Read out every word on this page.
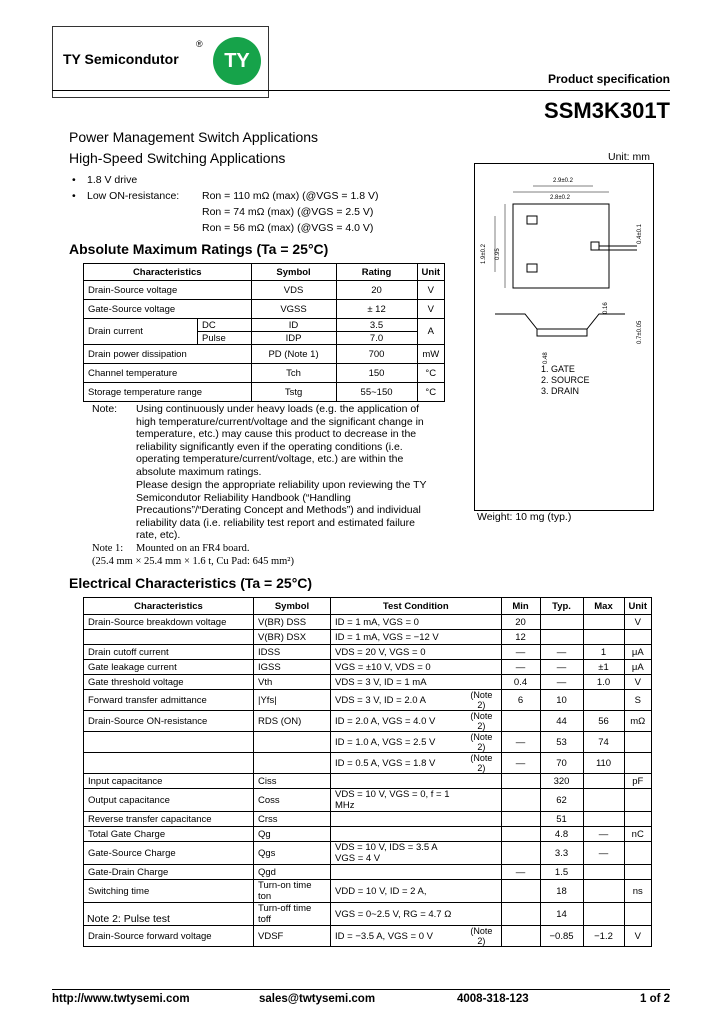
TY Semicondutor
®
TY
Product specification
SSM3K301T
Power Management Switch Applications
High-Speed Switching Applications
• 1.8 V drive
• Low ON-resistance: Ron = 110 mΩ (max) (@VGS = 1.8 V)
Ron = 74 mΩ (max) (@VGS = 2.5 V)
Ron = 56 mΩ (max) (@VGS = 4.0 V)
Absolute Maximum Ratings (Ta = 25°C)
Characteristics		Symbol	Rating	Unit
Drain-Source voltage		VDS	20	V
Gate-Source voltage		VGSS	± 12	V
Drain current	DC	ID	3.5	A
	Pulse	IDP	7.0	
Drain power dissipation		PD (Note 1)	700	mW
Channel temperature		Tch	150	°C
Storage temperature range		Tstg	55~150	°C
Note: Using continuously under heavy loads (e.g. the application of high temperature/current/voltage and the significant change in temperature, etc.) may cause this product to decrease in the reliability significantly even if the operating conditions (i.e. operating temperature/current/voltage, etc.) are within the absolute maximum ratings.
Please design the appropriate reliability upon reviewing the TY Semicondutor Reliability Handbook (“Handling Precautions”/“Derating Concept and Methods”) and individual reliability data (i.e. reliability test report and estimated failure rate, etc).
Note 1: Mounted on an FR4 board.
(25.4 mm × 25.4 mm × 1.6 t, Cu Pad: 645 mm²)
Unit: mm
2.9±0.2
2.8±0.2
1.9±0.2 0.95
0.4±0.1
0.7±0.05
0.16
0.48
1. GATE
2. SOURCE
3. DRAIN
Weight: 10 mg (typ.)
Electrical Characteristics (Ta = 25°C)
Characteristics	Symbol	Test Condition		Min	Typ.	Max	Unit
Drain-Source breakdown voltage	V(BR) DSS	ID = 1 mA, VGS = 0		20			V
	V(BR) DSX	ID = 1 mA, VGS = −12 V		12			
Drain cutoff current	IDSS	VDS = 20 V, VGS = 0		—	—	1	μA
Gate leakage current	IGSS	VGS = ±10 V, VDS = 0		—	—	±1	μA
Gate threshold voltage	Vth	VDS = 3 V, ID = 1 mA		0.4	—	1.0	V
Forward transfer admittance	|Yfs|	VDS = 3 V, ID = 2.0 A	(Note 2)	6	10		S
Drain-Source ON-resistance	RDS (ON)	ID = 2.0 A, VGS = 4.0 V	(Note 2)		44	56	mΩ
		ID = 1.0 A, VGS = 2.5 V	(Note 2)	—	53	74	
		ID = 0.5 A, VGS = 1.8 V	(Note 2)	—	70	110	
Input capacitance	Ciss				320		pF
Output capacitance	Coss	VDS = 10 V, VGS = 0, f = 1 MHz			62		
Reverse transfer capacitance	Crss				51		
Total Gate Charge	Qg				4.8	—	nC
Gate-Source Charge	Qgs	VDS = 10 V, IDS = 3.5 A VGS = 4 V			3.3	—	
Gate-Drain Charge	Qgd			—	1.5		
Switching time	Turn-on time ton	VDD = 10 V, ID = 2 A,			18		ns
	Turn-off time toff	VGS = 0~2.5 V, RG = 4.7 Ω			14		
Drain-Source forward voltage	VDSF	ID = −3.5 A, VGS = 0 V	(Note 2)		−0.85	−1.2	V
Note 2: Pulse test
http://www.twtysemi.com	sales@twtysemi.com	4008-318-123	1 of 2
